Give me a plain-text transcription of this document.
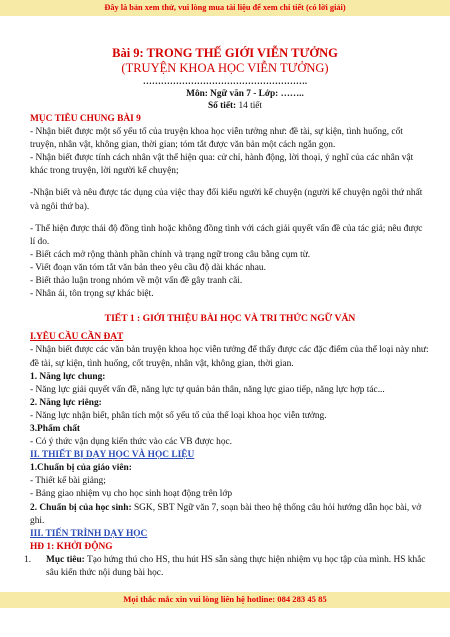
Đây là bản xem thử, vui lòng mua tài liệu để xem chi tiết (có lời giải)
Bài 9: TRONG THẾ GIỚI VIỄN TƯỞNG
(TRUYỆN KHOA HỌC VIỄN TƯỞNG)
……………………………………………….
Môn: Ngữ văn 7 - Lớp: ……..
Số tiết: 14 tiết

MỤC TIÊU CHUNG BÀI 9

- Nhận biết được một số yếu tố của truyện khoa học viễn tưởng như: đề tài, sự kiện, tình huống, cốt truyện, nhân vật, không gian, thời gian; tóm tắt được văn bản một cách ngắn gọn.

- Nhận biết được tính cách nhân vật thể hiện qua: cử chỉ, hành động, lời thoại, ý nghĩ của các nhân vật khác trong truyện, lời người kể chuyện;

-Nhận biết và nêu được tác dụng của việc thay đổi kiểu người kể chuyện (người kể chuyện ngôi thứ nhất và ngôi thứ ba).

- Thể hiện được thái độ đồng tình hoặc không đồng tình với cách giải quyết vấn đề của tác giả; nêu được lí do.

- Biết cách mở rộng thành phần chính và trạng ngữ trong câu bằng cụm từ.

- Viết đoạn văn tóm tắt văn bản theo yêu cầu độ dài khác nhau.

- Biết thảo luận trong nhóm về một vấn đề gây tranh cãi.

- Nhân ái, tôn trọng sự khác biệt.

TIẾT 1 : GIỚI THIỆU BÀI HỌC VÀ TRI THỨC NGỮ VĂN

I.YÊU CẦU CẦN ĐẠT

- Nhận biết được các văn bản truyện khoa học viễn tưởng để thấy được các đặc điểm của thể loại này như: đề tài, sự kiện, tình huống, cốt truyện, nhân vật, không gian, thời gian.

1. Năng lực chung:

- Năng lực giải quyết vấn đề, năng lực tự quản bản thân, năng lực giao tiếp, năng lực hợp tác...

2. Năng lực riêng:

- Năng lực nhận biết, phân tích một số yếu tố của thể loại khoa học viễn tưởng.

3.Phẩm chất

- Có ý thức vận dụng kiến thức vào các VB được học.

II. THIẾT BỊ DẠY HỌC VÀ HỌC LIỆU

1.Chuẩn bị của giáo viên:

- Thiết kế bài giảng;

- Bảng giao nhiệm vụ cho học sinh hoạt động trên lớp

2. Chuẩn bị của học sinh: SGK, SBT Ngữ văn 7, soạn bài theo hệ thống câu hỏi hướng dẫn học bài, vở ghi.

III. TIẾN TRÌNH DẠY HỌC

HĐ 1: KHỞI ĐỘNG

1. Mục tiêu: Tạo hứng thú cho HS, thu hút HS sẵn sàng thực hiện nhiệm vụ học tập của mình. HS khắc sâu kiến thức nội dung bài học.
Mọi thắc mắc xin vui lòng liên hệ hotline: 084 283 45 85
